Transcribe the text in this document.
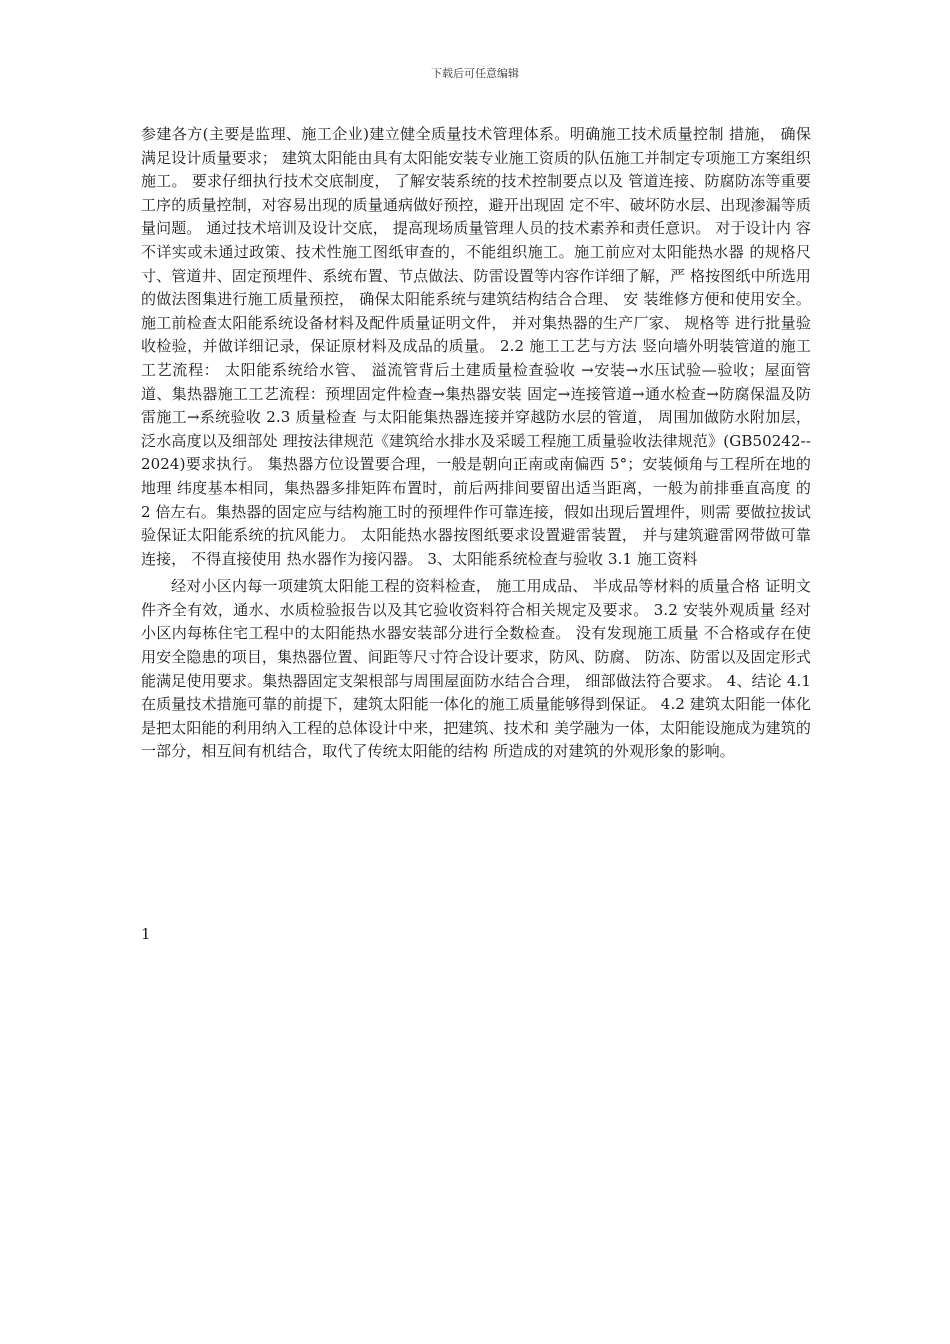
下载后可任意编辑

参建各方(主要是监理、施工企业)建立健全质量技术管理体系。明确施工技术质量控制 措施， 确保满足设计质量要求； 建筑太阳能由具有太阳能安装专业施工资质的队伍施工并制定专项施工方案组织施工。 要求仔细执行技术交底制度， 了解安装系统的技术控制要点以及 管道连接、防腐防冻等重要工序的质量控制，对容易出现的质量通病做好预控，避开出现固 定不牢、破坏防水层、出现渗漏等质量问题。 通过技术培训及设计交底， 提高现场质量管理人员的技术素养和责任意识。 对于设计内 容不详实或未通过政策、技术性施工图纸审查的，不能组织施工。施工前应对太阳能热水器 的规格尺寸、管道井、固定预埋件、系统布置、节点做法、防雷设置等内容作详细了解，严 格按图纸中所选用的做法图集进行施工质量预控， 确保太阳能系统与建筑结构结合合理、 安 装维修方便和使用安全。 施工前检查太阳能系统设备材料及配件质量证明文件， 并对集热器的生产厂家、 规格等 进行批量验收检验，并做详细记录，保证原材料及成品的质量。 2.2 施工工艺与方法 竖向墙外明装管道的施工工艺流程： 太阳能系统给水管、 溢流管背后土建质量检查验收 →安装→水压试验—验收；屋面管道、集热器施工工艺流程：预埋固定件检查→集热器安装 固定→连接管道→通水检查→防腐保温及防雷施工→系统验收 2.3 质量检查 与太阳能集热器连接并穿越防水层的管道， 周围加做防水附加层， 泛水高度以及细部处 理按法律规范《建筑给水排水及采暖工程施工质量验收法律规范》(GB50242--2024)要求执行。 集热器方位设置要合理，一般是朝向正南或南偏西 5°；安装倾角与工程所在地的地理 纬度基本相同，集热器多排矩阵布置时，前后两排间要留出适当距离，一般为前排垂直高度 的 2 倍左右。集热器的固定应与结构施工时的预埋件作可靠连接，假如出现后置埋件，则需 要做拉拔试验保证太阳能系统的抗风能力。 太阳能热水器按图纸要求设置避雷装置， 并与建筑避雷网带做可靠连接， 不得直接使用 热水器作为接闪器。 3、太阳能系统检查与验收 3.1 施工资料

经对小区内每一项建筑太阳能工程的资料检查， 施工用成品、 半成品等材料的质量合格 证明文件齐全有效，通水、水质检验报告以及其它验收资料符合相关规定及要求。 3.2 安装外观质量 经对小区内每栋住宅工程中的太阳能热水器安装部分进行全数检查。 没有发现施工质量 不合格或存在使用安全隐患的项目，集热器位置、间距等尺寸符合设计要求，防风、防腐、 防冻、防雷以及固定形式能满足使用要求。集热器固定支架根部与周围屋面防水结合合理， 细部做法符合要求。 4、结论 4.1 在质量技术措施可靠的前提下，建筑太阳能一体化的施工质量能够得到保证。 4.2 建筑太阳能一体化是把太阳能的利用纳入工程的总体设计中来，把建筑、技术和 美学融为一体，太阳能设施成为建筑的一部分，相互间有机结合，取代了传统太阳能的结构 所造成的对建筑的外观形象的影响。

1
